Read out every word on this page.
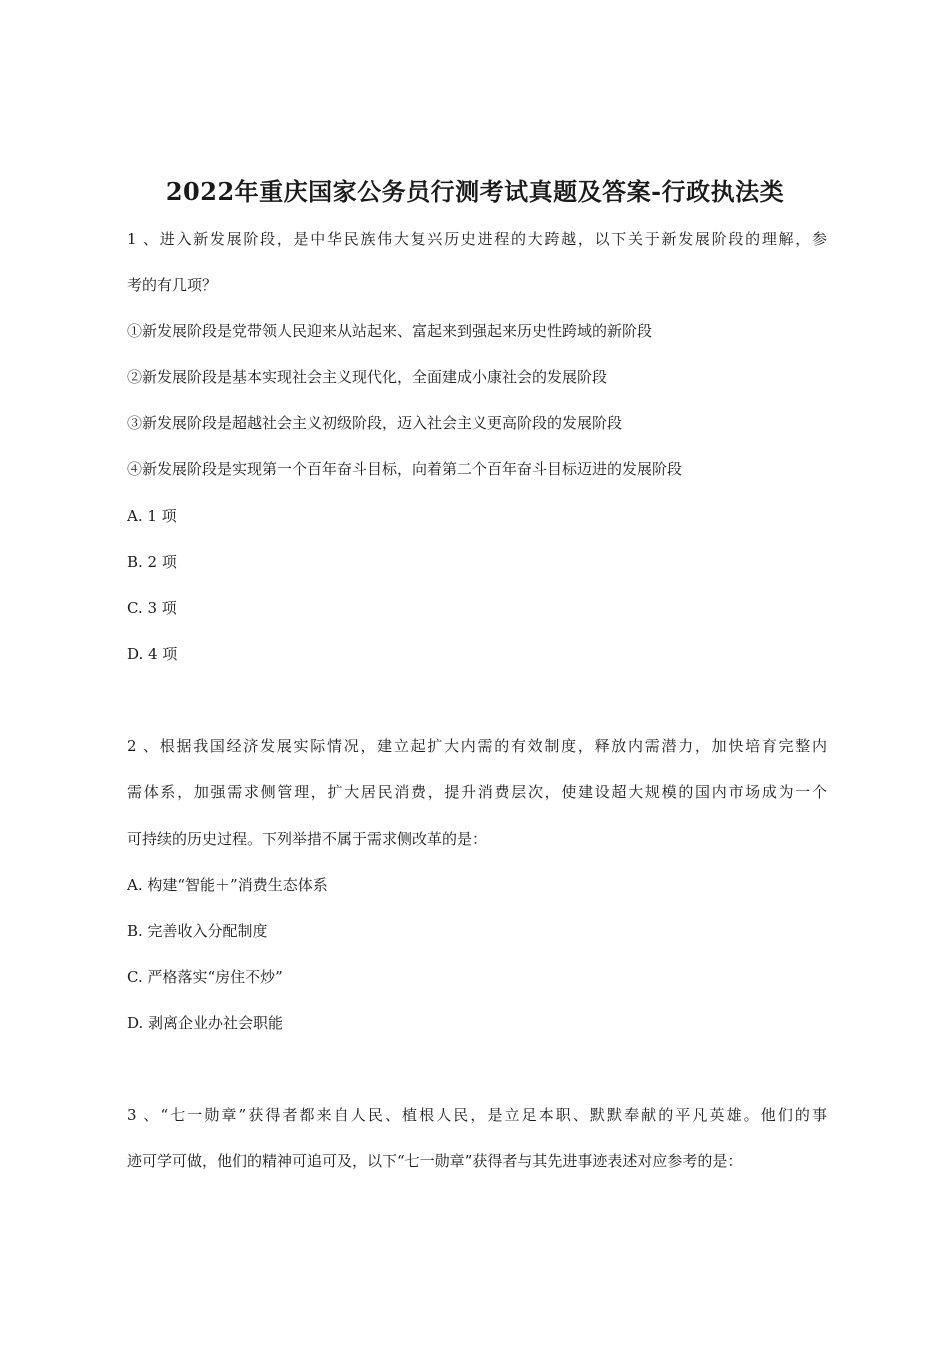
2022年重庆国家公务员行测考试真题及答案-行政执法类
1 、进入新发展阶段，是中华民族伟大复兴历史进程的大跨越，以下关于新发展阶段的理解，参
考的有几项？
①新发展阶段是党带领人民迎来从站起来、富起来到强起来历史性跨域的新阶段
②新发展阶段是基本实现社会主义现代化，全面建成小康社会的发展阶段
③新发展阶段是超越社会主义初级阶段，迈入社会主义更高阶段的发展阶段
④新发展阶段是实现第一个百年奋斗目标，向着第二个百年奋斗目标迈进的发展阶段
A. 1 项
B. 2 项
C. 3 项
D. 4 项
2 、根据我国经济发展实际情况，建立起扩大内需的有效制度，释放内需潜力，加快培育完整内
需体系，加强需求侧管理，扩大居民消费，提升消费层次，使建设超大规模的国内市场成为一个
可持续的历史过程。下列举措不属于需求侧改革的是：
A. 构建“智能＋”消费生态体系
B. 完善收入分配制度
C. 严格落实“房住不炒”
D. 剥离企业办社会职能
3 、“七一勋章”获得者都来自人民、植根人民，是立足本职、默默奉献的平凡英雄。他们的事
迹可学可做，他们的精神可追可及，以下“七一勋章”获得者与其先进事迹表述对应参考的是：
